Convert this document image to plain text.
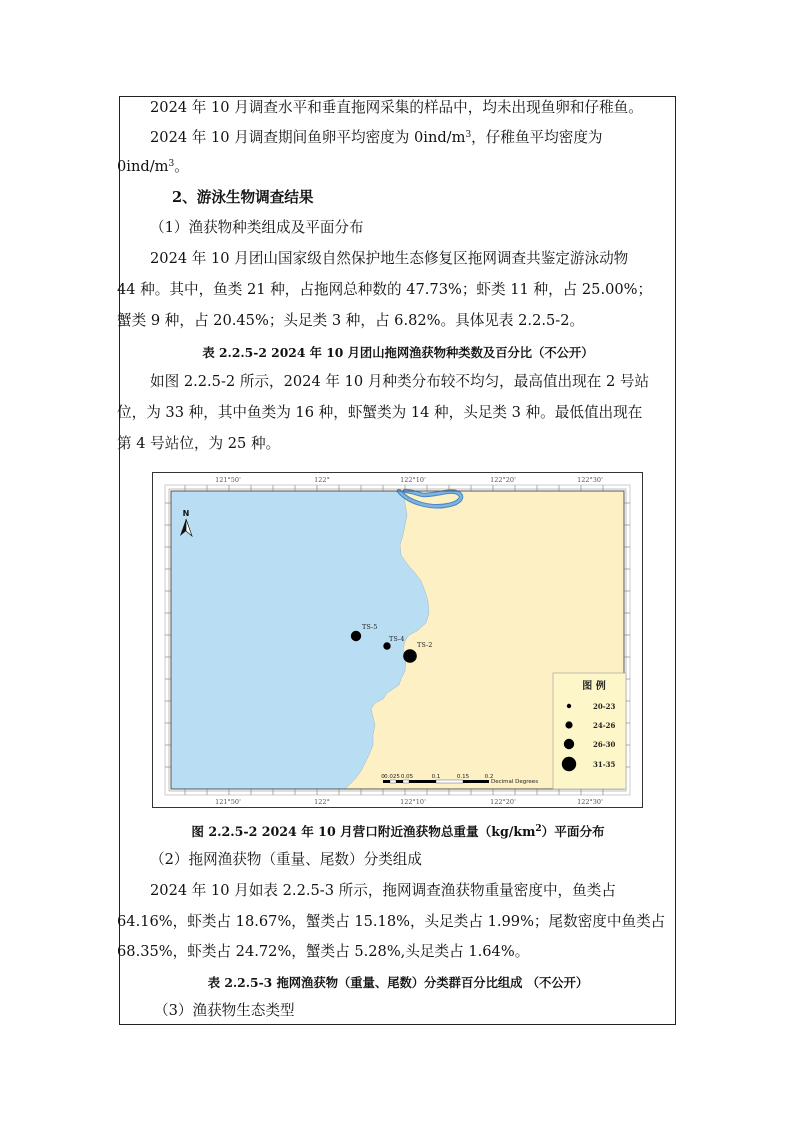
2024 年 10 月调查水平和垂直拖网采集的样品中，均未出现鱼卵和仔稚鱼。
2024 年 10 月调查期间鱼卵平均密度为 $0ind/m^3$，仔稚鱼平均密度为
$0ind/m^3$。
2、游泳生物调查结果
（1）渔获物种类组成及平面分布
2024 年 10 月团山国家级自然保护地生态修复区拖网调查共鉴定游泳动物
44 种。其中，鱼类 21 种，占拖网总种数的 47.73%；虾类 11 种，占 25.00%；
蟹类 9 种，占 20.45%；头足类 3 种，占 6.82%。具体见表 2.2.5-2。
表 2.2.5-2 2024 年 10 月团山拖网渔获物种类数及百分比（不公开）
如图 2.2.5-2 所示，2024 年 10 月种类分布较不均匀，最高值出现在 2 号站
位，为 33 种，其中鱼类为 16 种，虾蟹类为 14 种，头足类 3 种。最低值出现在
第 4 号站位，为 25 种。
121°50'	122°	122°10'	122°20'	122°30'
121°50'	122°	122°10'	122°20'	122°30'
N
TS-5
TS-4
TS-2
图 例
20-23
24-26
26-30
31-35
0 0.025 0.05	0.1	0.15	0.2
Decimal Degrees
图 2.2.5-2 2024 年 10 月营口附近渔获物总重量$(kg/km^2)$平面分布
（2）拖网渔获物（重量、尾数）分类组成
2024 年 10 月如表 2.2.5-3 所示，拖网调查渔获物重量密度中，鱼类占
64.16%，虾类占 18.67%，蟹类占 15.18%，头足类占 1.99%；尾数密度中鱼类占
68.35%，虾类占 24.72%，蟹类占 5.28%,头足类占 1.64%。
表 2.2.5-3 拖网渔获物（重量、尾数）分类群百分比组成 （不公开）
（3）渔获物生态类型
